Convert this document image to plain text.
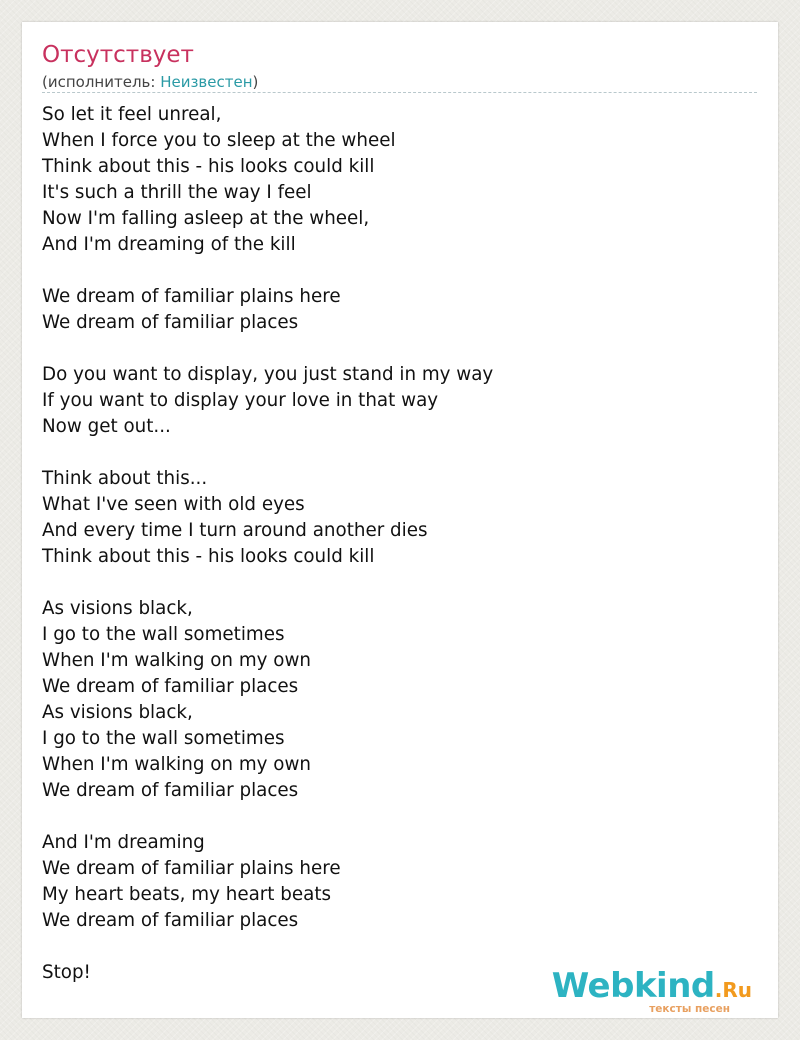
Отсутствует
(исполнитель: Неизвестен)
So let it feel unreal,
When I force you to sleep at the wheel
Think about this - his looks could kill
It's such a thrill the way I feel
Now I'm falling asleep at the wheel,
And I'm dreaming of the kill
We dream of familiar plains here
We dream of familiar places
Do you want to display, you just stand in my way
If you want to display your love in that way
Now get out...
Think about this...
What I've seen with old eyes
And every time I turn around another dies
Think about this - his looks could kill
As visions black,
I go to the wall sometimes
When I'm walking on my own
We dream of familiar places
As visions black,
I go to the wall sometimes
When I'm walking on my own
We dream of familiar places
And I'm dreaming
We dream of familiar plains here
My heart beats, my heart beats
We dream of familiar places
Stop!	Webkind.Ru
тексты песен
